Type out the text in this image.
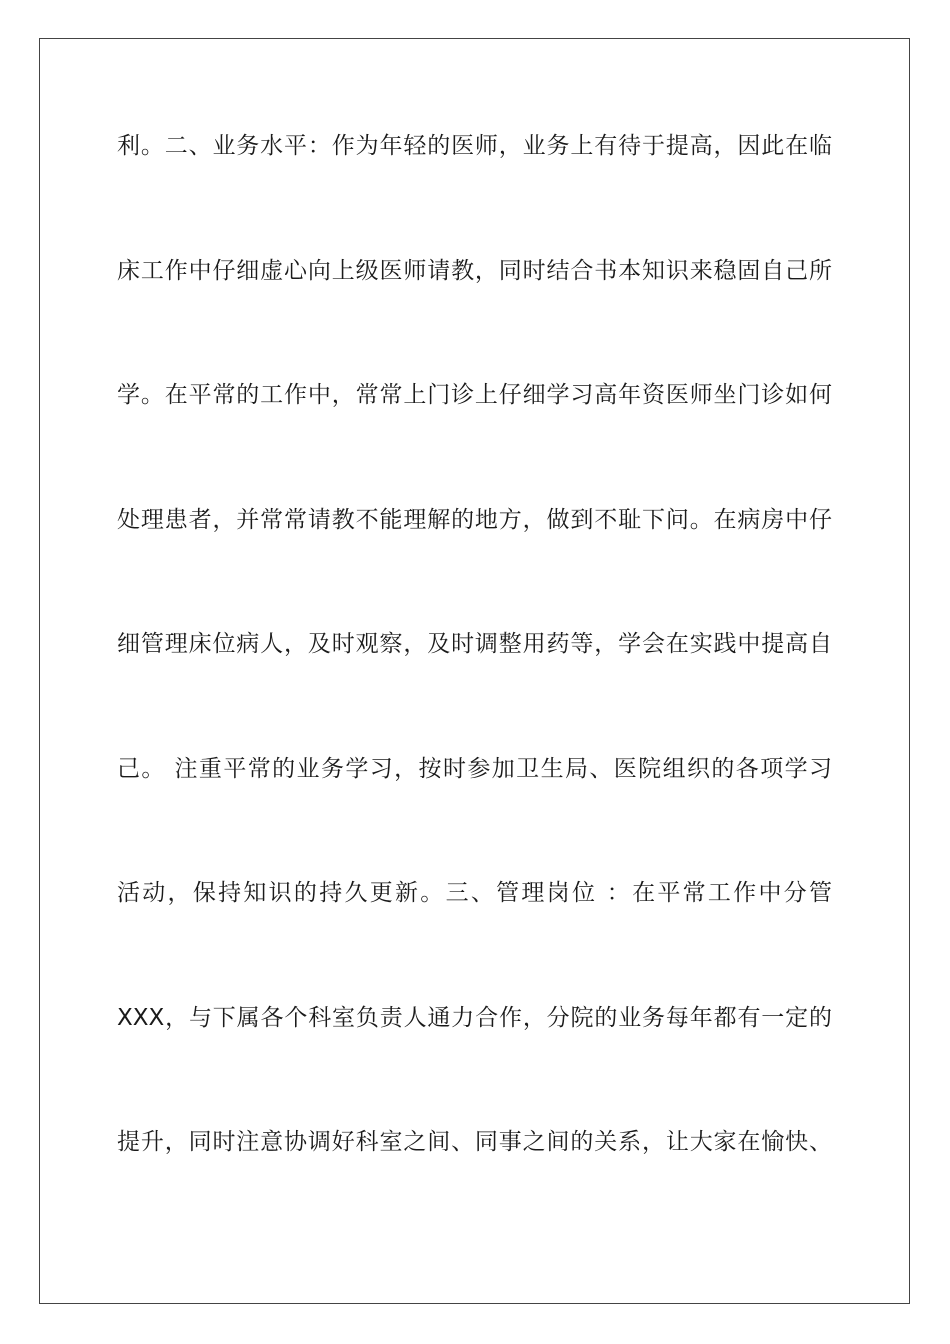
利。二、业务水平：作为年轻的医师，业务上有待于提高，因此在临
床工作中仔细虚心向上级医师请教，同时结合书本知识来稳固自己所
学。在平常的工作中，常常上门诊上仔细学习高年资医师坐门诊如何
处理患者，并常常请教不能理解的地方，做到不耻下问。在病房中仔
细管理床位病人，及时观察，及时调整用药等，学会在实践中提高自
己。 注重平常的业务学习，按时参加卫生局、医院组织的各项学习
活动，保持知识的持久更新。三、管理岗位 ：在平常工作中分管
XXX，与下属各个科室负责人通力合作，分院的业务每年都有一定的
提升，同时注意协调好科室之间、同事之间的关系，让大家在愉快、
